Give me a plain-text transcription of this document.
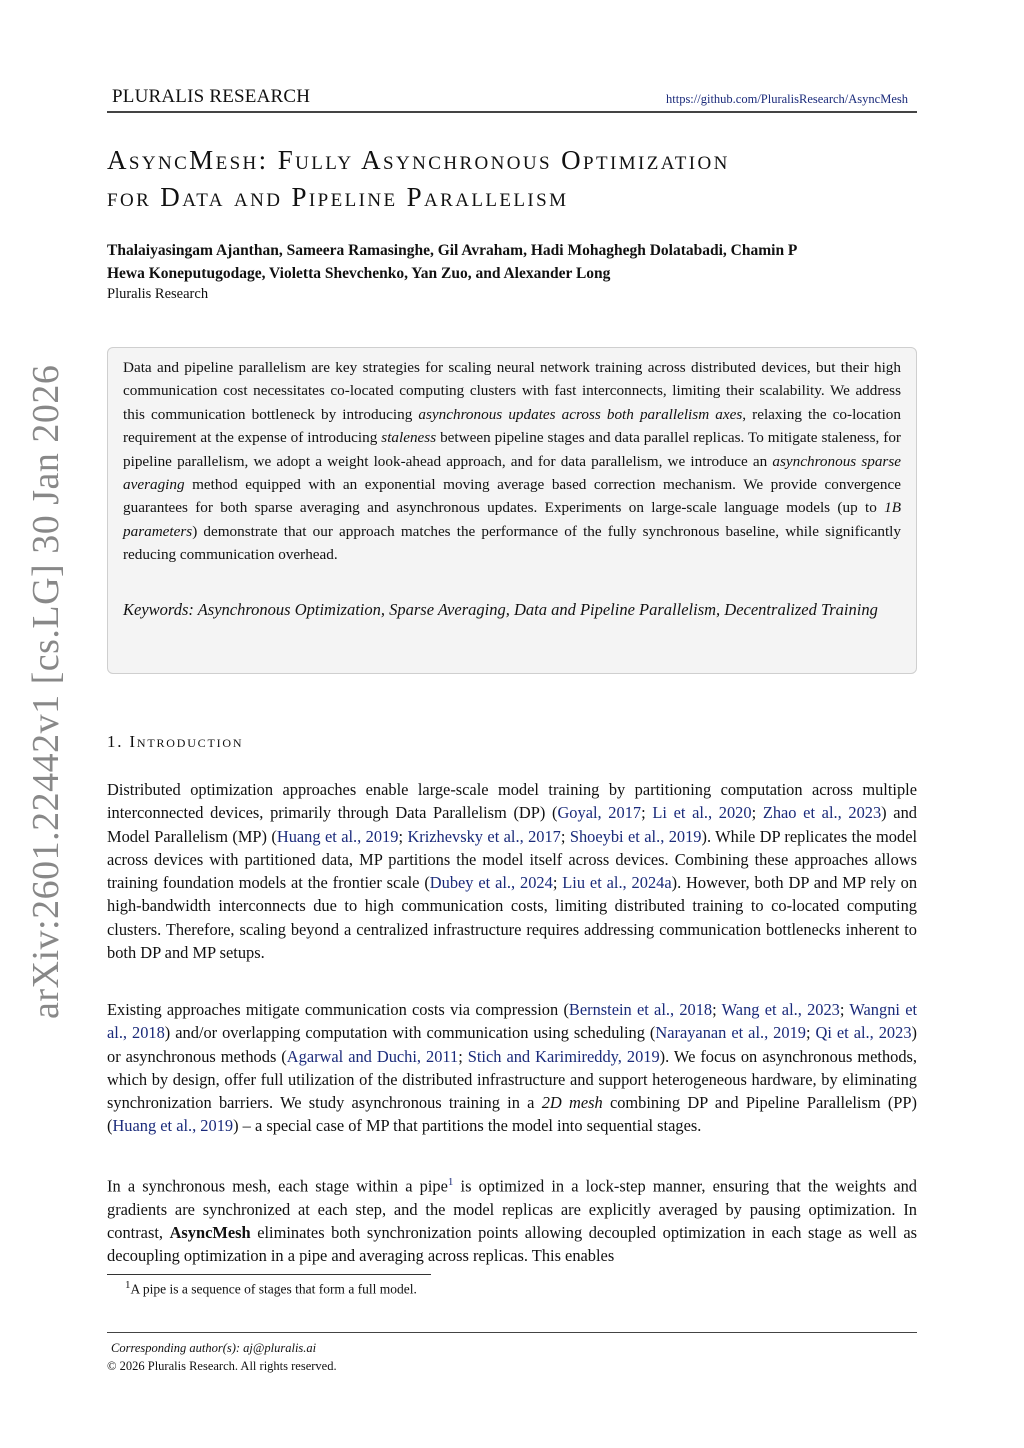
PLURALIS RESEARCH	https://github.com/PluralisResearch/AsyncMesh
arXiv:2601.22442v1 [cs.LG] 30 Jan 2026
AsyncMesh: Fully Asynchronous Optimization
for Data and Pipeline Parallelism
Thalaiyasingam Ajanthan, Sameera Ramasinghe, Gil Avraham, Hadi Mohaghegh Dolatabadi, Chamin P
Hewa Koneputugodage, Violetta Shevchenko, Yan Zuo, and Alexander Long
Pluralis Research

Data and pipeline parallelism are key strategies for scaling neural network training across distributed devices, but their high communication cost necessitates co-located computing clusters with fast interconnects, limiting their scalability. We address this communication bottleneck by introducing asynchronous updates across both parallelism axes, relaxing the co-location requirement at the expense of introducing staleness between pipeline stages and data parallel replicas. To mitigate staleness, for pipeline parallelism, we adopt a weight look-ahead approach, and for data parallelism, we introduce an asynchronous sparse averaging method equipped with an exponential moving average based correction mechanism. We provide convergence guarantees for both sparse averaging and asynchronous updates. Experiments on large-scale language models (up to 1B parameters) demonstrate that our approach matches the performance of the fully synchronous baseline, while significantly reducing communication overhead.

Keywords: Asynchronous Optimization, Sparse Averaging, Data and Pipeline Parallelism, Decentralized Training
1. Introduction

Distributed optimization approaches enable large-scale model training by partitioning computation across multiple interconnected devices, primarily through Data Parallelism (DP) (Goyal, 2017; Li et al., 2020; Zhao et al., 2023) and Model Parallelism (MP) (Huang et al., 2019; Krizhevsky et al., 2017; Shoeybi et al., 2019). While DP replicates the model across devices with partitioned data, MP partitions the model itself across devices. Combining these approaches allows training foundation models at the frontier scale (Dubey et al., 2024; Liu et al., 2024a). However, both DP and MP rely on high-bandwidth interconnects due to high communication costs, limiting distributed training to co-located computing clusters. Therefore, scaling beyond a centralized infrastructure requires addressing communication bottlenecks inherent to both DP and MP setups.

Existing approaches mitigate communication costs via compression (Bernstein et al., 2018; Wang et al., 2023; Wangni et al., 2018) and/or overlapping computation with communication using scheduling (Narayanan et al., 2019; Qi et al., 2023) or asynchronous methods (Agarwal and Duchi, 2011; Stich and Karimireddy, 2019). We focus on asynchronous methods, which by design, offer full utilization of the distributed infrastructure and support heterogeneous hardware, by eliminating synchronization barriers. We study asynchronous training in a 2D mesh combining DP and Pipeline Parallelism (PP) (Huang et al., 2019) – a special case of MP that partitions the model into sequential stages.

In a synchronous mesh, each stage within a pipe$^1$ is optimized in a lock-step manner, ensuring that the weights and gradients are synchronized at each step, and the model replicas are explicitly averaged by pausing optimization. In contrast, AsyncMesh eliminates both synchronization points allowing decoupled optimization in each stage as well as decoupling optimization in a pipe and averaging across replicas. This enables

$^1$A pipe is a sequence of stages that form a full model.
Corresponding author(s): aj@pluralis.ai
© 2026 Pluralis Research. All rights reserved.
